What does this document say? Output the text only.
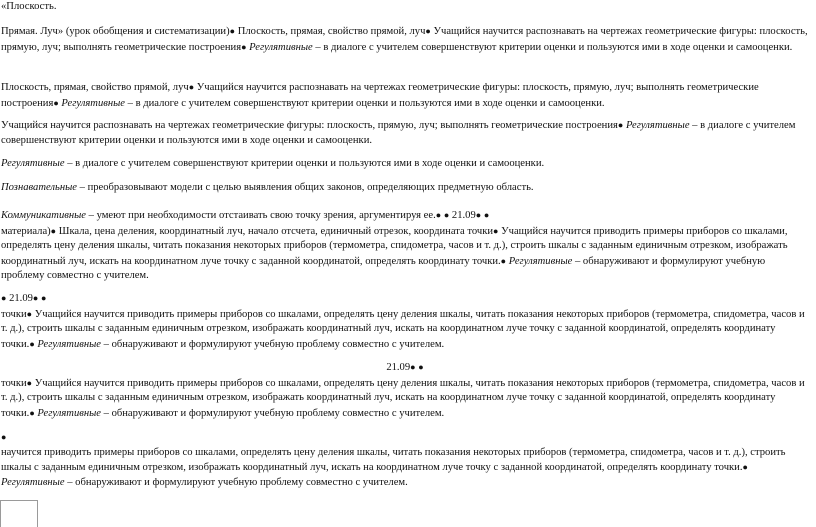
«Плоскость.

Прямая. Луч» (урок обобщения и систематизации)● Плоскость, прямая, свойство прямой, луч● Учащийся научится распознавать на чертежах геометрические фигуры: плоскость, прямую, луч; выполнять геометрические построения● Регулятивные – в диалоге с учителем совершенствуют критерии оценки и пользуются ими в ходе оценки и самооценки.

Плоскость, прямая, свойство прямой, луч● Учащийся научится распознавать на чертежах геометрические фигуры: плоскость, прямую, луч; выполнять геометрические построения● Регулятивные – в диалоге с учителем совершенствуют критерии оценки и пользуются ими в ходе оценки и самооценки.

Учащийся научится распознавать на чертежах геометрические фигуры: плоскость, прямую, луч; выполнять геометрические построения● Регулятивные – в диалоге с учителем совершенствуют критерии оценки и пользуются ими в ходе оценки и самооценки.

Регулятивные – в диалоге с учителем совершенствуют критерии оценки и пользуются ими в ходе оценки и самооценки.

Познавательные – преобразовывают модели с целью выявления общих законов, определяющих предметную область.

Коммуникативные – умеют при необходимости отстаивать свою точку зрения, аргументируя ее.● ● 21.09● ●
материала)● Шкала, цена деления, координатный луч, начало отсчета, единичный отрезок, координата точки● Учащийся научится приводить примеры приборов со шкалами, определять цену деления шкалы, читать показания некоторых приборов (термометра, спидометра, часов и т. д.), строить шкалы с заданным единичным отрезком, изображать координатный луч, искать на координатном луче точку с заданной координатой, определять координату точки.● Регулятивные – обнаруживают и формулируют учебную проблему совместно с учителем.

● 21.09● ●
точки● Учащийся научится приводить примеры приборов со шкалами, определять цену деления шкалы, читать показания некоторых приборов (термометра, спидометра, часов и т. д.), строить шкалы с заданным единичным отрезком, изображать координатный луч, искать на координатном луче точку с заданной координатой, определять координату точки.● Регулятивные – обнаруживают и формулируют учебную проблему совместно с учителем.

21.09● ●
точки● Учащийся научится приводить примеры приборов со шкалами, определять цену деления шкалы, читать показания некоторых приборов (термометра, спидометра, часов и т. д.), строить шкалы с заданным единичным отрезком, изображать координатный луч, искать на координатном луче точку с заданной координатой, определять координату точки.● Регулятивные – обнаруживают и формулируют учебную проблему совместно с учителем.

●
научится приводить примеры приборов со шкалами, определять цену деления шкалы, читать показания некоторых приборов (термометра, спидометра, часов и т. д.), строить шкалы с заданным единичным отрезком, изображать координатный луч, искать на координатном луче точку с заданной координатой, определять координату точки.● Регулятивные – обнаруживают и формулируют учебную проблему совместно с учителем.
